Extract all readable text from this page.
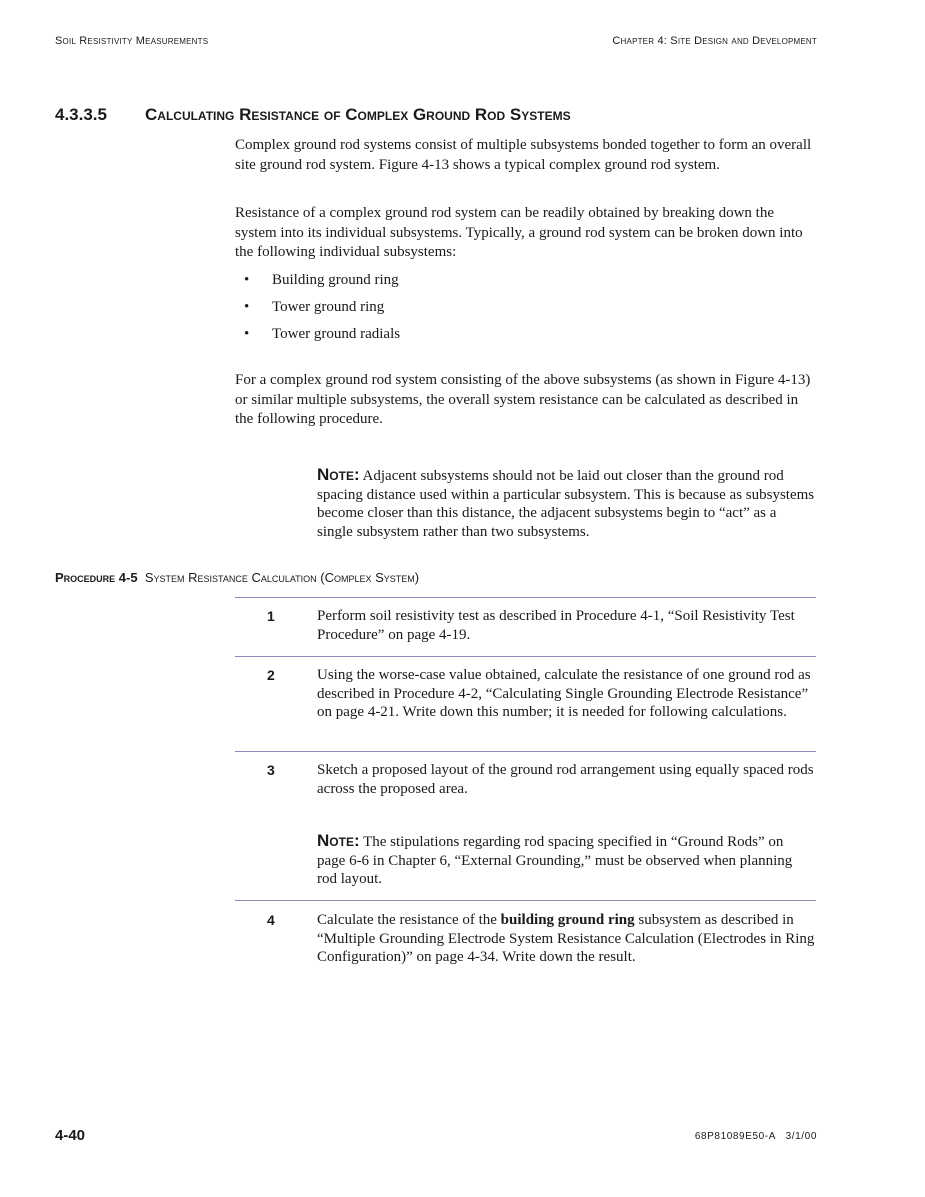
Soil Resistivity Measurements	Chapter 4: Site Design and Development
4.3.3.5 Calculating Resistance of Complex Ground Rod Systems
Complex ground rod systems consist of multiple subsystems bonded together to form an overall site ground rod system. Figure 4-13 shows a typical complex ground rod system.
Resistance of a complex ground rod system can be readily obtained by breaking down the system into its individual subsystems. Typically, a ground rod system can be broken down into the following individual subsystems:
• Building ground ring
• Tower ground ring
• Tower ground radials
For a complex ground rod system consisting of the above subsystems (as shown in Figure 4-13) or similar multiple subsystems, the overall system resistance can be calculated as described in the following procedure.
Note: Adjacent subsystems should not be laid out closer than the ground rod spacing distance used within a particular subsystem. This is because as subsystems become closer than this distance, the adjacent subsystems begin to “act” as a single subsystem rather than two subsystems.
Procedure 4-5 System Resistance Calculation (Complex System)
1	Perform soil resistivity test as described in Procedure 4-1, “Soil Resistivity Test Procedure” on page 4-19.
2	Using the worse-case value obtained, calculate the resistance of one ground rod as described in Procedure 4-2, “Calculating Single Grounding Electrode Resistance” on page 4-21. Write down this number; it is needed for following calculations.
3	Sketch a proposed layout of the ground rod arrangement using equally spaced rods across the proposed area.
Note: The stipulations regarding rod spacing specified in “Ground Rods” on page 6-6 in Chapter 6, “External Grounding,” must be observed when planning rod layout.
4	Calculate the resistance of the building ground ring subsystem as described in “Multiple Grounding Electrode System Resistance Calculation (Electrodes in Ring Configuration)” on page 4-34. Write down the result.
4-40	68P81089E50-A   3/1/00
